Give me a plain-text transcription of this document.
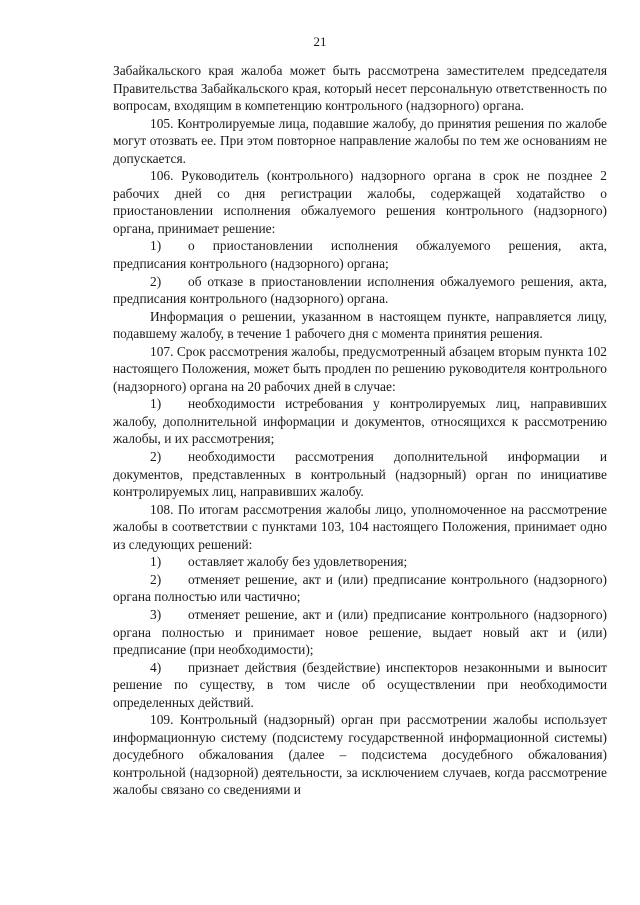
21

Забайкальского края жалоба может быть рассмотрена заместителем председателя Правительства Забайкальского края, который несет персональную ответственность по вопросам, входящим в компетенцию контрольного (надзорного) органа.

105. Контролируемые лица, подавшие жалобу, до принятия решения по жалобе могут отозвать ее. При этом повторное направление жалобы по тем же основаниям не допускается.

106. Руководитель (контрольного) надзорного органа в срок не позднее 2 рабочих дней со дня регистрации жалобы, содержащей ходатайство о приостановлении исполнения обжалуемого решения контрольного (надзорного) органа, принимает решение:

1) о приостановлении исполнения обжалуемого решения, акта, предписания контрольного (надзорного) органа;

2) об отказе в приостановлении исполнения обжалуемого решения, акта, предписания контрольного (надзорного) органа.

Информация о решении, указанном в настоящем пункте, направляется лицу, подавшему жалобу, в течение 1 рабочего дня с момента принятия решения.

107. Срок рассмотрения жалобы, предусмотренный абзацем вторым пункта 102 настоящего Положения, может быть продлен по решению руководителя контрольного (надзорного) органа на 20 рабочих дней в случае:

1) необходимости истребования у контролируемых лиц, направивших жалобу, дополнительной информации и документов, относящихся к рассмотрению жалобы, и их рассмотрения;

2) необходимости рассмотрения дополнительной информации и документов, представленных в контрольный (надзорный) орган по инициативе контролируемых лиц, направивших жалобу.

108. По итогам рассмотрения жалобы лицо, уполномоченное на рассмотрение жалобы в соответствии с пунктами 103, 104 настоящего Положения, принимает одно из следующих решений:

1) оставляет жалобу без удовлетворения;

2) отменяет решение, акт и (или) предписание контрольного (надзорного) органа полностью или частично;

3) отменяет решение, акт и (или) предписание контрольного (надзорного) органа полностью и принимает новое решение, выдает новый акт и (или) предписание (при необходимости);

4) признает действия (бездействие) инспекторов незаконными и выносит решение по существу, в том числе об осуществлении при необходимости определенных действий.

109. Контрольный (надзорный) орган при рассмотрении жалобы использует информационную систему (подсистему государственной информационной системы) досудебного обжалования (далее – подсистема досудебного обжалования) контрольной (надзорной) деятельности, за исключением случаев, когда рассмотрение жалобы связано со сведениями и
